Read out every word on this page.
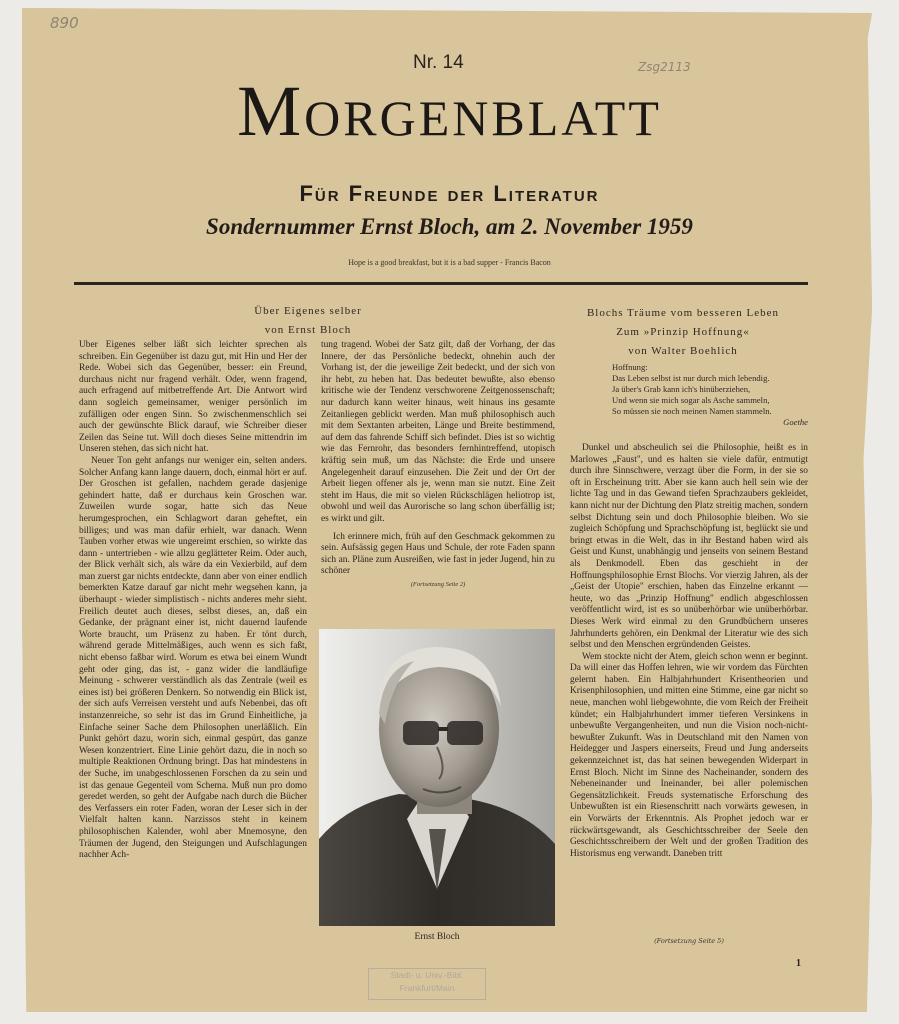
890
Zsg2113
Nr. 14
Morgenblatt
Für Freunde der Literatur
Sondernummer Ernst Bloch, am 2. November 1959
Hope is a good breakfast, but it is a bad supper - Francis Bacon
Über Eigenes selber
von Ernst Bloch

Über Eigenes selber läßt sich leichter sprechen als schreiben. Ein Gegenüber ist dazu gut, mit Hin und Her der Rede. Wobei sich das Gegenüber, besser: ein Freund, durchaus nicht nur fragend verhält. Oder, wenn fragend, auch erfragend auf mitbetreffende Art. Die Antwort wird dann sogleich gemeinsamer, weniger persönlich im zufälligen oder engen Sinn. So zwischenmenschlich sei auch der gewünschte Blick darauf, wie Schreiber dieser Zeilen das Seine tut. Will doch dieses Seine mittendrin im Unseren stehen, das sich nicht hat.

Neuer Ton geht anfangs nur weniger ein, selten anders. Solcher Anfang kann lange dauern, doch, einmal hört er auf. Der Groschen ist gefallen, nachdem gerade dasjenige gehindert hatte, daß er durchaus kein Groschen war. Zuweilen wurde sogar, hatte sich das Neue herumgesprochen, ein Schlagwort daran geheftet, ein billiges; und was man dafür erhielt, war danach. Wenn Tauben vorher etwas wie ungereimt erschien, so wirkte das dann - untertrieben - wie allzu geglätteter Reim. Oder auch, der Blick verhält sich, als wäre da ein Vexierbild, auf dem man zuerst gar nichts entdeckte, dann aber von einer endlich bemerkten Katze darauf gar nicht mehr wegsehen kann, ja überhaupt - wieder simplistisch - nichts anderes mehr sieht. Freilich deutet auch dieses, selbst dieses, an, daß ein Gedanke, der prägnant einer ist, nicht dauernd laufende Worte braucht, um Präsenz zu haben. Er tönt durch, während gerade Mittelmäßiges, auch wenn es sich faßt, nicht ebenso faßbar wird. Worum es etwa bei einem Wundt geht oder ging, das ist, - ganz wider die landläufige Meinung - schwerer verständlich als das Zentrale (weil es eines ist) bei größeren Denkern. So notwendig ein Blick ist, der sich aufs Verreisen versteht und aufs Nebenbei, das oft instanzenreiche, so sehr ist das im Grund Einheitliche, ja Einfache seiner Sache dem Philosophen unerläßlich. Ein Punkt gehört dazu, worin sich, einmal gespürt, das ganze Wesen konzentriert. Eine Linie gehört dazu, die in noch so multiple Reaktionen Ordnung bringt. Das hat mindestens in der Suche, im unabgeschlossenen Forschen da zu sein und ist das genaue Gegenteil vom Schema. Muß nun pro domo geredet werden, so geht der Aufgabe nach durch die Bücher des Verfassers ein roter Faden, woran der Leser sich in der Vielfalt halten kann. Narzissos steht in keinem philosophischen Kalender, wohl aber Mnemosyne, den Träumen der Jugend, den Steigungen und Aufschlagungen nachher Ach-

tung tragend. Wobei der Satz gilt, daß der Vorhang, der das Innere, der das Persönliche bedeckt, ohnehin auch der Vorhang ist, der die jeweilige Zeit bedeckt, und der sich von ihr hebt, zu heben hat. Das bedeutet bewußte, also ebenso kritische wie der Tendenz verschworene Zeitgenossenschaft; nur dadurch kann weiter hinaus, weit hinaus ins gesamte Zeitanliegen geblickt werden. Man muß philosophisch auch mit dem Sextanten arbeiten, Länge und Breite bestimmend, auf dem das fahrende Schiff sich befindet. Dies ist so wichtig wie das Fernrohr, das besonders fernhintreffend, utopisch kräftig sein muß, um das Nächste: die Erde und unsere Angelegenheit darauf einzusehen. Die Zeit und der Ort der Arbeit liegen offener als je, wenn man sie nutzt. Eine Zeit steht im Haus, die mit so vielen Rückschlägen heliotrop ist, obwohl und weil das Aurorische so lang schon überfällig ist; es wirkt und gilt.

Ich erinnere mich, früh auf den Geschmack gekommen zu sein. Aufsässig gegen Haus und Schule, der rote Faden spann sich an. Pläne zum Ausreißen, wie fast in jeder Jugend, hin zu schöner

(Fortsetzung Seite 2)
Ernst Bloch
Blochs Träume vom besseren Leben
Zum »Prinzip Hoffnung«
von Walter Boehlich
Hoffnung:
Das Leben selbst ist nur durch mich lebendig.
Ja über's Grab kann ich's hinüberziehen,
Und wenn sie mich sogar als Asche sammeln,
So müssen sie noch meinen Namen stammeln.
Goethe

Dunkel und abscheulich sei die Philosophie, heißt es in Marlowes „Faust", und es halten sie viele dafür, entmutigt durch ihre Sinnschwere, verzagt über die Form, in der sie so oft in Erscheinung tritt. Aber sie kann auch hell sein wie der lichte Tag und in das Gewand tiefen Sprachzaubers gekleidet, kann nicht nur der Dichtung den Platz streitig machen, sondern selbst Dichtung sein und doch Philosophie bleiben. Wo sie zugleich Schöpfung und Sprachschöpfung ist, beglückt sie und bringt etwas in die Welt, das in ihr Bestand haben wird als Geist und Kunst, unabhängig und jenseits von seinem Bestand als Denkmodell. Eben das geschieht in der Hoffnungsphilosophie Ernst Blochs. Vor vierzig Jahren, als der „Geist der Utopie" erschien, haben das Einzelne erkannt — heute, wo das „Prinzip Hoffnung" endlich abgeschlossen veröffentlicht wird, ist es so unüberhörbar wie unüberhörbar. Dieses Werk wird einmal zu den Grundbüchern unseres Jahrhunderts gehören, ein Denkmal der Literatur wie des sich selbst und den Menschen ergründenden Geistes.

Wem stockte nicht der Atem, gleich schon wenn er beginnt. Da will einer das Hoffen lehren, wie wir vordem das Fürchten gelernt haben. Ein Halbjahrhundert Krisentheorien und Krisenphilosophien, und mitten eine Stimme, eine gar nicht so neue, manchen wohl liebgewohnte, die vom Reich der Freiheit kündet; ein Halbjahrhundert immer tieferen Versinkens in unbewußte Vergangenheiten, und nun die Vision noch-nicht-bewußter Zukunft. Was in Deutschland mit den Namen von Heidegger und Jaspers einerseits, Freud und Jung anderseits gekennzeichnet ist, das hat seinen bewegenden Widerpart in Ernst Bloch. Nicht im Sinne des Nacheinander, sondern des Nebeneinander und Ineinander, bei aller polemischen Gegensätzlichkeit. Freuds systematische Erforschung des Unbewußten ist ein Riesenschritt nach vorwärts gewesen, in ein Vorwärts der Erkenntnis. Als Prophet jedoch war er rückwärtsgewandt, als Geschichtsschreiber der Seele den Geschichtsschreibern der Welt und der großen Tradition des Historismus eng verwandt. Daneben tritt

(Fortsetzung Seite 5)
Stadt- u. Univ.-Bibl.
Frankfurt/Main
1
